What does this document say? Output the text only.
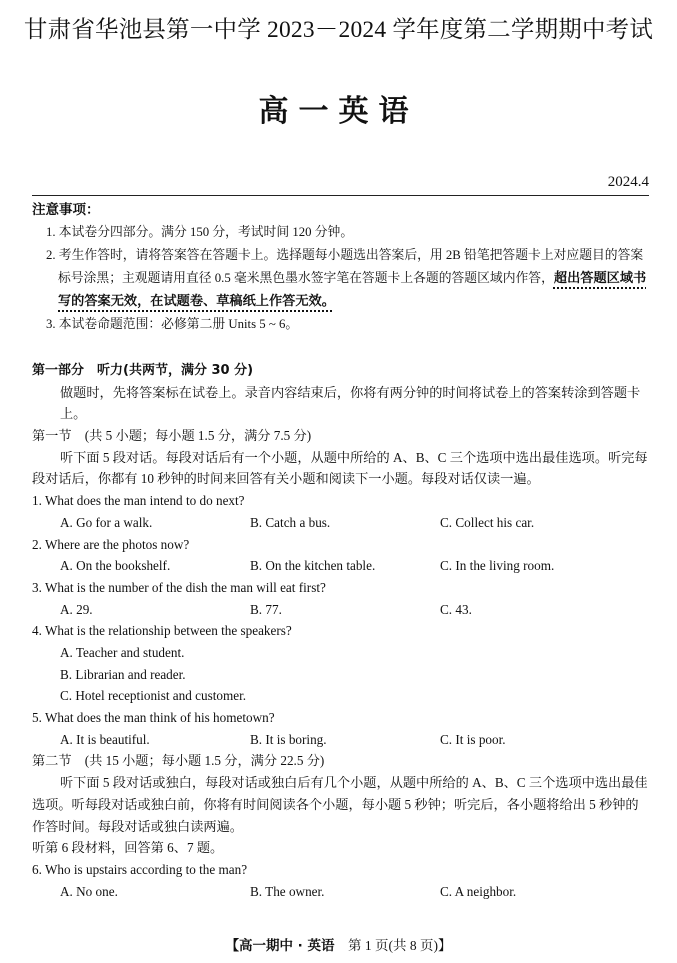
甘肃省华池县第一中学 2023－2024 学年度第二学期期中考试
高一英语
2024.4
注意事项：
1. 本试卷分四部分。满分 150 分，考试时间 120 分钟。
2. 考生作答时，请将答案答在答题卡上。选择题每小题选出答案后，用 2B 铅笔把答题卡上对应题目的答案标号涂黑；主观题请用直径 0.5 毫米黑色墨水签字笔在答题卡上各题的答题区域内作答，超出答题区域书写的答案无效，在试题卷、草稿纸上作答无效。
3. 本试卷命题范围：必修第二册 Units 5 ~ 6。
第一部分　听力(共两节，满分 30 分)
做题时，先将答案标在试卷上。录音内容结束后，你将有两分钟的时间将试卷上的答案转涂到答题卡上。
第一节　(共 5 小题；每小题 1.5 分，满分 7.5 分)
听下面 5 段对话。每段对话后有一个小题，从题中所给的 A、B、C 三个选项中选出最佳选项。听完每段对话后，你都有 10 秒钟的时间来回答有关小题和阅读下一小题。每段对话仅读一遍。
1. What does the man intend to do next?
A. Go for a walk.	B. Catch a bus.	C. Collect his car.
2. Where are the photos now?
A. On the bookshelf.	B. On the kitchen table.	C. In the living room.
3. What is the number of the dish the man will eat first?
A. 29.	B. 77.	C. 43.
4. What is the relationship between the speakers?
A. Teacher and student.
B. Librarian and reader.
C. Hotel receptionist and customer.
5. What does the man think of his hometown?
A. It is beautiful.	B. It is boring.	C. It is poor.
第二节　(共 15 小题；每小题 1.5 分，满分 22.5 分)
听下面 5 段对话或独白，每段对话或独白后有几个小题，从题中所给的 A、B、C 三个选项中选出最佳选项。听每段对话或独白前，你将有时间阅读各个小题，每小题 5 秒钟；听完后，各小题将给出 5 秒钟的作答时间。每段对话或独白读两遍。
听第 6 段材料，回答第 6、7 题。
6. Who is upstairs according to the man?
A. No one.	B. The owner.	C. A neighbor.
【高一期中 · 英语 第 1 页(共 8 页)】
